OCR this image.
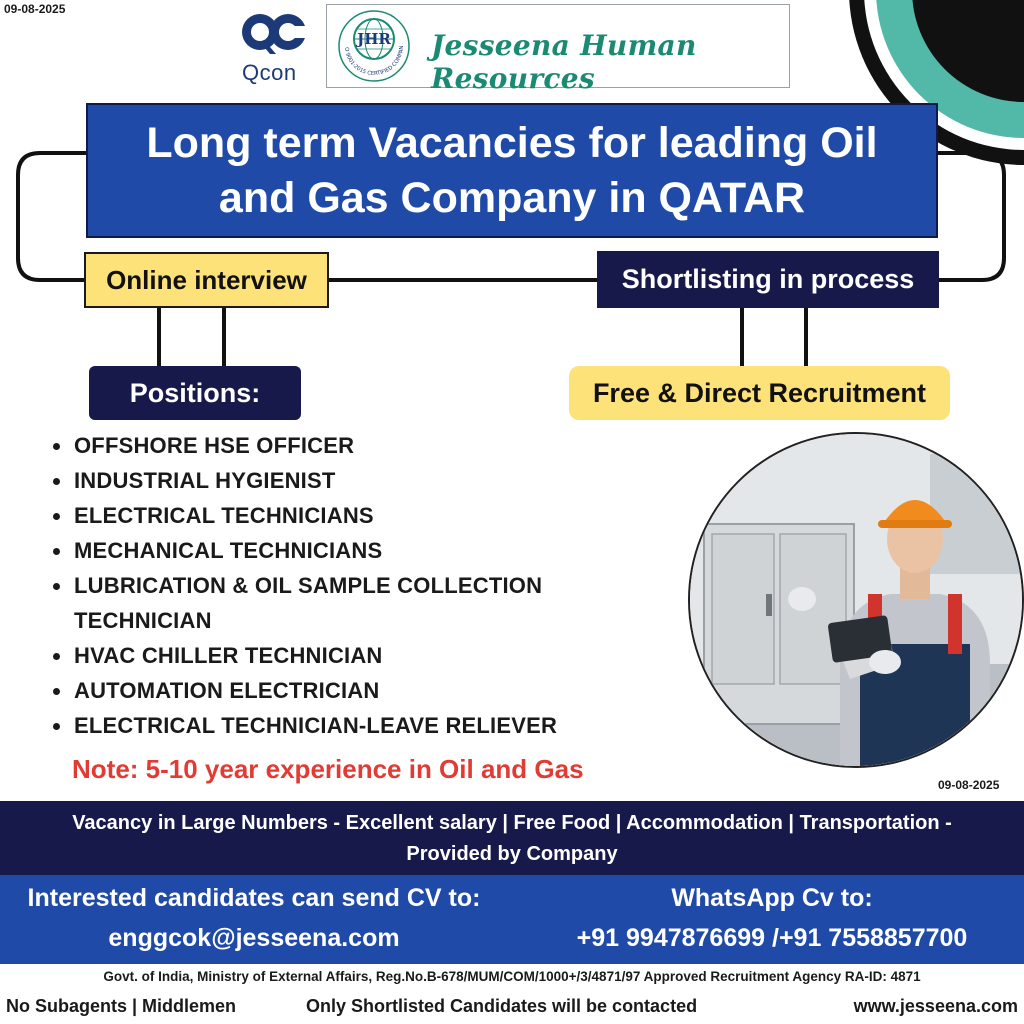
09-08-2025
09-08-2025
Qcon
JHR
O 9001:2015 CERTIFIED COMPAN Jesseena Human Resources
Long term Vacancies for leading Oil
and Gas Company in QATAR
Online interview	Shortlisting in process
Positions:	Free & Direct Recruitment
OFFSHORE HSE OFFICER
INDUSTRIAL HYGIENIST
ELECTRICAL TECHNICIANS
MECHANICAL TECHNICIANS
LUBRICATION & OIL SAMPLE COLLECTION TECHNICIAN
HVAC CHILLER TECHNICIAN
AUTOMATION ELECTRICIAN
ELECTRICAL TECHNICIAN-LEAVE RELIEVER
Note: 5-10 year experience in Oil and Gas
Vacancy in Large Numbers - Excellent salary | Free Food | Accommodation | Transportation -
Provided by Company
Interested candidates can send CV to:
enggcok@jesseena.com
WhatsApp Cv to:
+91 9947876699 /+91 7558857700
Govt. of India, Ministry of External Affairs, Reg.No.B-678/MUM/COM/1000+/3/4871/97 Approved Recruitment Agency RA-ID: 4871
No Subagents | Middlemen	Only Shortlisted Candidates will be contacted	www.jesseena.com
